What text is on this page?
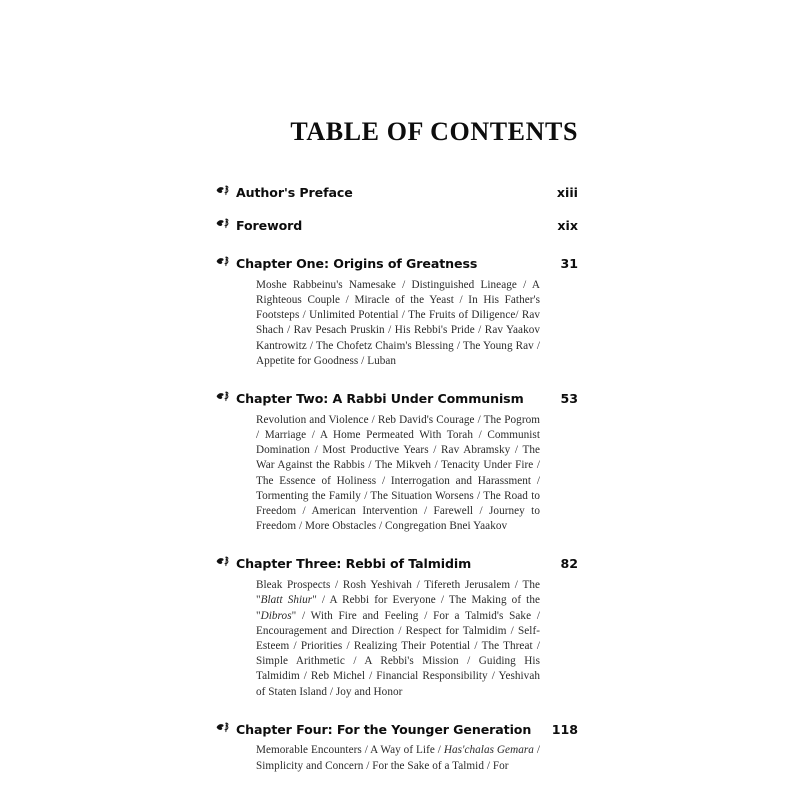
TABLE OF CONTENTS
Author's Preface	xiii
Foreword	xix
Chapter One: Origins of Greatness	31

Moshe Rabbeinu's Namesake / Distinguished Lineage / A Righteous Couple / Miracle of the Yeast / In His Father's Footsteps / Unlimited Potential / The Fruits of Diligence/ Rav Shach / Rav Pesach Pruskin / His Rebbi's Pride / Rav Yaakov Kantrowitz / The Chofetz Chaim's Blessing / The Young Rav / Appetite for Goodness / Luban

Chapter Two: A Rabbi Under Communism	53

Revolution and Violence / Reb David's Courage / The Pogrom / Marriage / A Home Permeated With Torah / Communist Domination / Most Productive Years / Rav Abramsky / The War Against the Rabbis / The Mikveh / Tenacity Under Fire / The Essence of Holiness / Interrogation and Harassment / Tormenting the Family / The Situation Worsens / The Road to Freedom / American Intervention / Farewell / Journey to Freedom / More Obstacles / Congregation Bnei Yaakov

Chapter Three: Rebbi of Talmidim	82

Bleak Prospects / Rosh Yeshivah / Tifereth Jerusalem / The "Blatt Shiur" / A Rebbi for Everyone / The Making of the "Dibros" / With Fire and Feeling / For a Talmid's Sake / Encouragement and Direction / Respect for Talmidim / Self-Esteem / Priorities / Realizing Their Potential / The Threat / Simple Arithmetic / A Rebbi's Mission / Guiding His Talmidim / Reb Michel / Financial Responsibility / Yeshivah of Staten Island / Joy and Honor

Chapter Four: For the Younger Generation	118

Memorable Encounters / A Way of Life / Has'chalas Gemara / Simplicity and Concern / For the Sake of a Talmid / For
